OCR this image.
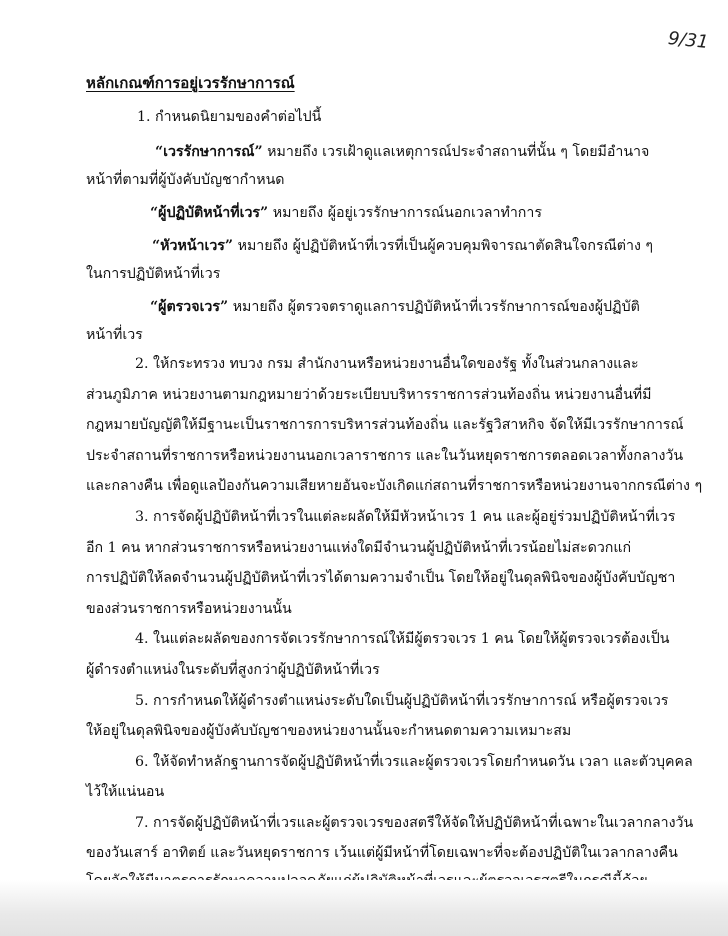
9/31
หลักเกณฑ์การอยู่เวรรักษาการณ์
1. กำหนดนิยามของคำต่อไปนี้
“เวรรักษาการณ์” หมายถึง เวรเฝ้าดูแลเหตุการณ์ประจำสถานที่นั้น ๆ โดยมีอำนาจ
หน้าที่ตามที่ผู้บังคับบัญชากำหนด
“ผู้ปฏิบัติหน้าที่เวร” หมายถึง ผู้อยู่เวรรักษาการณ์นอกเวลาทำการ
“หัวหน้าเวร” หมายถึง ผู้ปฏิบัติหน้าที่เวรที่เป็นผู้ควบคุมพิจารณาตัดสินใจกรณีต่าง ๆ
ในการปฏิบัติหน้าที่เวร
“ผู้ตรวจเวร” หมายถึง ผู้ตรวจตราดูแลการปฏิบัติหน้าที่เวรรักษาการณ์ของผู้ปฏิบัติ
หน้าที่เวร
2. ให้กระทรวง ทบวง กรม สำนักงานหรือหน่วยงานอื่นใดของรัฐ ทั้งในส่วนกลางและ
ส่วนภูมิภาค หน่วยงานตามกฎหมายว่าด้วยระเบียบบริหารราชการส่วนท้องถิ่น หน่วยงานอื่นที่มี
กฎหมายบัญญัติให้มีฐานะเป็นราชการการบริหารส่วนท้องถิ่น และรัฐวิสาหกิจ จัดให้มีเวรรักษาการณ์
ประจำสถานที่ราชการหรือหน่วยงานนอกเวลาราชการ และในวันหยุดราชการตลอดเวลาทั้งกลางวัน
และกลางคืน เพื่อดูแลป้องกันความเสียหายอันจะบังเกิดแก่สถานที่ราชการหรือหน่วยงานจากกรณีต่าง ๆ
3. การจัดผู้ปฏิบัติหน้าที่เวรในแต่ละผลัดให้มีหัวหน้าเวร 1 คน และผู้อยู่ร่วมปฏิบัติหน้าที่เวร
อีก 1 คน หากส่วนราชการหรือหน่วยงานแห่งใดมีจำนวนผู้ปฏิบัติหน้าที่เวรน้อยไม่สะดวกแก่
การปฏิบัติให้ลดจำนวนผู้ปฏิบัติหน้าที่เวรได้ตามความจำเป็น โดยให้อยู่ในดุลพินิจของผู้บังคับบัญชา
ของส่วนราชการหรือหน่วยงานนั้น
4. ในแต่ละผลัดของการจัดเวรรักษาการณ์ให้มีผู้ตรวจเวร 1 คน โดยให้ผู้ตรวจเวรต้องเป็น
ผู้ดำรงตำแหน่งในระดับที่สูงกว่าผู้ปฏิบัติหน้าที่เวร
5. การกำหนดให้ผู้ดำรงตำแหน่งระดับใดเป็นผู้ปฏิบัติหน้าที่เวรรักษาการณ์ หรือผู้ตรวจเวร
ให้อยู่ในดุลพินิจของผู้บังคับบัญชาของหน่วยงานนั้นจะกำหนดตามความเหมาะสม
6. ให้จัดทำหลักฐานการจัดผู้ปฏิบัติหน้าที่เวรและผู้ตรวจเวรโดยกำหนดวัน เวลา และตัวบุคคล
ไว้ให้แน่นอน
7. การจัดผู้ปฏิบัติหน้าที่เวรและผู้ตรวจเวรของสตรีให้จัดให้ปฏิบัติหน้าที่เฉพาะในเวลากลางวัน
ของวันเสาร์ อาทิตย์ และวันหยุดราชการ เว้นแต่ผู้มีหน้าที่โดยเฉพาะที่จะต้องปฏิบัติในเวลากลางคืน
